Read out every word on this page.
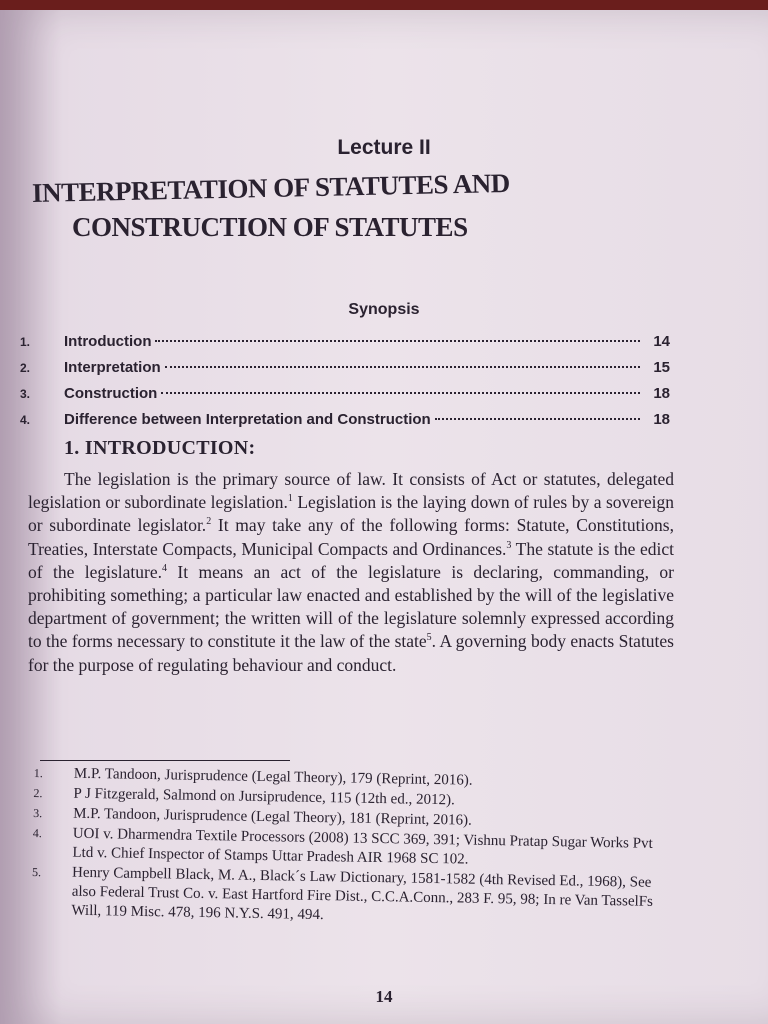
Lecture II
INTERPRETATION OF STATUTES AND
CONSTRUCTION OF STATUTES
Synopsis
1.	Introduction	14
2.	Interpretation	15
3.	Construction	18
4.	Difference between Interpretation and Construction	18
1. INTRODUCTION:
The legislation is the primary source of law. It consists of Act or statutes, delegated legislation or subordinate legislation.$^1$ Legislation is the laying down of rules by a sovereign or subordinate legislator.$^2$ It may take any of the following forms: Statute, Constitutions, Treaties, Interstate Compacts, Municipal Compacts and Ordinances.$^3$ The statute is the edict of the legislature.$^4$ It means an act of the legislature is declaring, commanding, or prohibiting something; a particular law enacted and established by the will of the legislative department of government; the written will of the legislature solemnly expressed according to the forms necessary to constitute it the law of the state$^5$. A governing body enacts Statutes for the purpose of regulating behaviour and conduct.
1.	M.P. Tandoon, Jurisprudence (Legal Theory), 179 (Reprint, 2016).
2.	P J Fitzgerald, Salmond on Jursiprudence, 115 (12th ed., 2012).
3.	M.P. Tandoon, Jurisprudence (Legal Theory), 181 (Reprint, 2016).
4.	UOI v. Dharmendra Textile Processors (2008) 13 SCC 369, 391; Vishnu Pratap Sugar Works Pvt Ltd v. Chief Inspector of Stamps Uttar Pradesh AIR 1968 SC 102.
5.	Henry Campbell Black, M. A., Black´s Law Dictionary, 1581-1582 (4th Revised Ed., 1968), See also Federal Trust Co. v. East Hartford Fire Dist., C.C.A.Conn., 283 F. 95, 98; In re Van TasselFs Will, 119 Misc. 478, 196 N.Y.S. 491, 494.
14
